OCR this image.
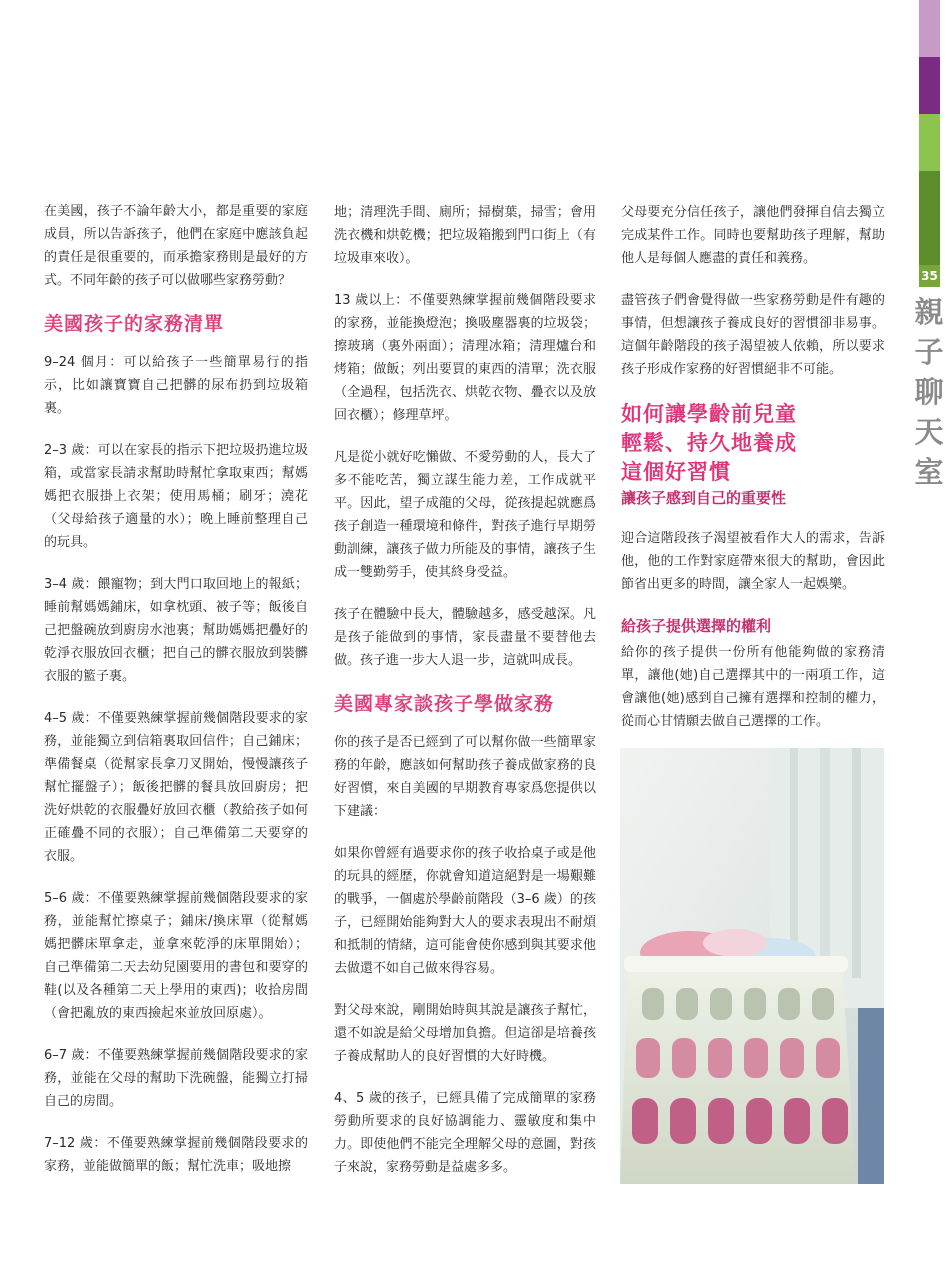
35
親
子
聊
天
室

在美國，孩子不論年齡大小，都是重要的家庭成員，所以告訴孩子，他們在家庭中應該負起的責任是很重要的，而承擔家務則是最好的方式。不同年齡的孩子可以做哪些家務勞動？

美國孩子的家務清單

9–24 個月：可以給孩子一些簡單易行的指示，比如讓寶寶自己把髒的尿布扔到垃圾箱裏。

2–3 歲：可以在家長的指示下把垃圾扔進垃圾箱，或當家長請求幫助時幫忙拿取東西；幫媽媽把衣服掛上衣架；使用馬桶；刷牙；澆花（父母給孩子適量的水）；晚上睡前整理自己的玩具。

3–4 歲：餵寵物；到大門口取回地上的報紙；睡前幫媽媽鋪床，如拿枕頭、被子等；飯後自己把盤碗放到廚房水池裏；幫助媽媽把疊好的乾淨衣服放回衣櫃；把自己的髒衣服放到裝髒衣服的籃子裏。

4–5 歲：不僅要熟練掌握前幾個階段要求的家務，並能獨立到信箱裏取回信件；自己鋪床；準備餐桌（從幫家長拿刀叉開始，慢慢讓孩子幫忙擺盤子）；飯後把髒的餐具放回廚房；把洗好烘乾的衣服疊好放回衣櫃（教給孩子如何正確疊不同的衣服）；自己準備第二天要穿的衣服。

5–6 歲：不僅要熟練掌握前幾個階段要求的家務，並能幫忙擦桌子；鋪床/換床單（從幫媽媽把髒床單拿走，並拿來乾淨的床單開始）；自己準備第二天去幼兒園要用的書包和要穿的鞋(以及各種第二天上學用的東西)；收拾房間（會把亂放的東西撿起來並放回原處）。

6–7 歲：不僅要熟練掌握前幾個階段要求的家務，並能在父母的幫助下洗碗盤，能獨立打掃自己的房間。

7–12 歲：不僅要熟練掌握前幾個階段要求的家務，並能做簡單的飯；幫忙洗車；吸地擦

地；清理洗手間、廁所；掃樹葉，掃雪；會用洗衣機和烘乾機；把垃圾箱搬到門口街上（有垃圾車來收）。

13 歲以上：不僅要熟練掌握前幾個階段要求的家務，並能換燈泡；換吸塵器裏的垃圾袋；擦玻璃（裏外兩面）；清理冰箱；清理爐台和烤箱；做飯；列出要買的東西的清單；洗衣服（全過程，包括洗衣、烘乾衣物、疊衣以及放回衣櫃）；修理草坪。

凡是從小就好吃懶做、不愛勞動的人，長大了多不能吃苦，獨立謀生能力差，工作成就平平。因此，望子成龍的父母，從孩提起就應爲孩子創造一種環境和條件，對孩子進行早期勞動訓練，讓孩子做力所能及的事情，讓孩子生成一雙勤勞手，使其終身受益。

孩子在體驗中長大，體驗越多，感受越深。凡是孩子能做到的事情，家長盡量不要替他去做。孩子進一步大人退一步，這就叫成長。

美國專家談孩子學做家務

你的孩子是否已經到了可以幫你做一些簡單家務的年齡，應該如何幫助孩子養成做家務的良好習慣，來自美國的早期教育專家爲您提供以下建議：

如果你曾經有過要求你的孩子收拾桌子或是他的玩具的經歷，你就會知道這絕對是一場艱難的戰爭，一個處於學齡前階段（3–6 歲）的孩子，已經開始能夠對大人的要求表現出不耐煩和抵制的情緒，這可能會使你感到與其要求他去做還不如自己做來得容易。

對父母來說，剛開始時與其說是讓孩子幫忙，還不如說是給父母增加負擔。但這卻是培養孩子養成幫助人的良好習慣的大好時機。

4、5 歲的孩子，已經具備了完成簡單的家務勞動所要求的良好協調能力、靈敏度和集中力。即使他們不能完全理解父母的意圖，對孩子來說，家務勞動是益處多多。

父母要充分信任孩子，讓他們發揮自信去獨立完成某件工作。同時也要幫助孩子理解，幫助他人是每個人應盡的責任和義務。

盡管孩子們會覺得做一些家務勞動是件有趣的事情，但想讓孩子養成良好的習慣卻非易事。這個年齡階段的孩子渴望被人依賴，所以要求孩子形成作家務的好習慣絕非不可能。

如何讓學齡前兒童
輕鬆、持久地養成
這個好習慣
讓孩子感到自己的重要性

迎合這階段孩子渴望被看作大人的需求，告訴他，他的工作對家庭帶來很大的幫助，會因此節省出更多的時間，讓全家人一起娛樂。

給孩子提供選擇的權利

給你的孩子提供一份所有他能夠做的家務清單，讓他(她)自己選擇其中的一兩項工作，這會讓他(她)感到自己擁有選擇和控制的權力，從而心甘情願去做自己選擇的工作。
